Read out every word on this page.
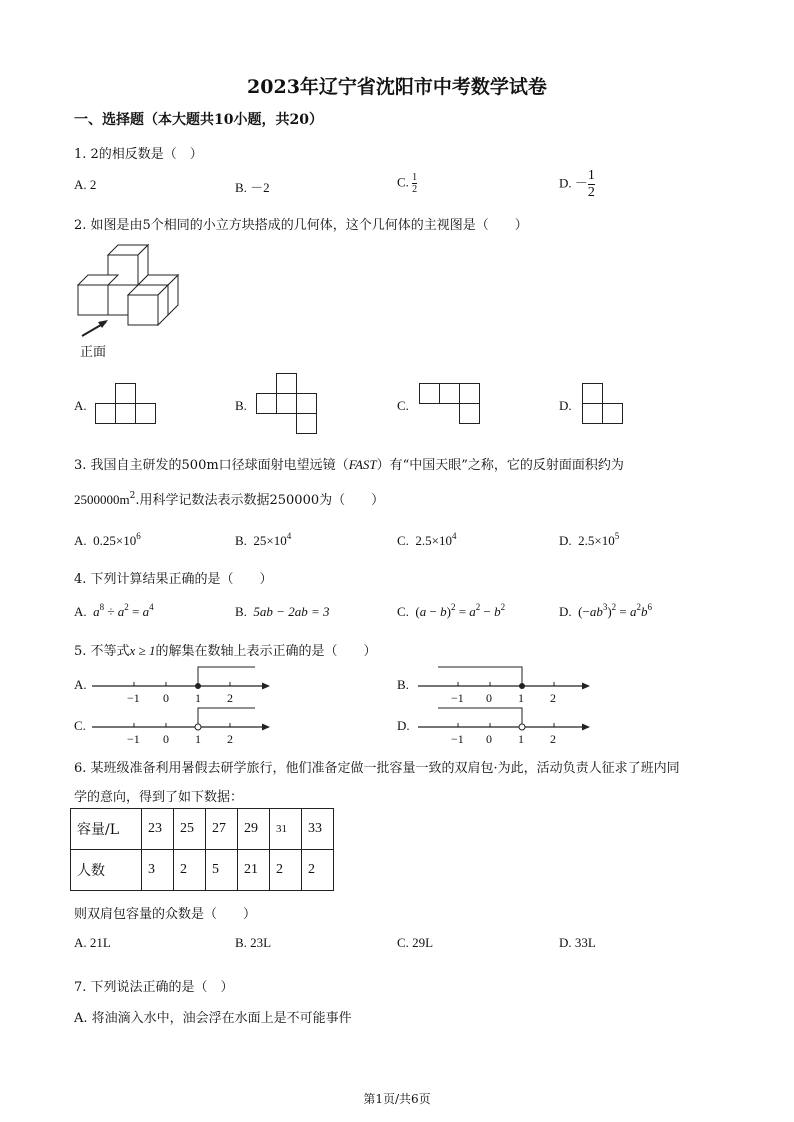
2023年辽宁省沈阳市中考数学试卷
一、选择题（本大题共10小题，共20）
1. 2的相反数是（　）
A. 2	B. －2	C. $\frac{1}{2}$	D. － $\frac{1}{2}$
2. 如图是由5个相同的小立方块搭成的几何体，这个几何体的主视图是（　　）
正面
A.	B.	C.	D.
3. 我国自主研发的500m口径球面射电望远镜（FAST）有“中国天眼”之称，它的反射面面积约为
$2500000m^2$.用科学记数法表示数据250000为（　　）
A. $0.25\times 10^6$	B. $25\times 10^4$	C. $2.5\times 10^4$	D. $2.5\times 10^5$
4. 下列计算结果正确的是（　　）
A. $a^8 \div a^2 = a^4$	B. 5ab − 2ab = 3	C.  $(a - b)^2 = a^2 - b^2$	D.  $(-ab^3)^2 = a^2b^6$
5. 不等式x ≥ 1的解集在数轴上表示正确的是（　　）
A.
−1 0 1 2
B.
−1 0 1 2
C.
−1 0 1 2
D.
−1 0 1 2
6. 某班级准备利用暑假去研学旅行，他们准备定做一批容量一致的双肩包·为此，活动负责人征求了班内同
学的意向，得到了如下数据：
容量/L	23	25	27	29	31	33
人数	3	2	5	21	2	2
则双肩包容量的众数是（　　）
A. 21L	B. 23L	C. 29L	D. 33L
7. 下列说法正确的是（　）
A. 将油滴入水中，油会浮在水面上是不可能事件
第1页/共6页
